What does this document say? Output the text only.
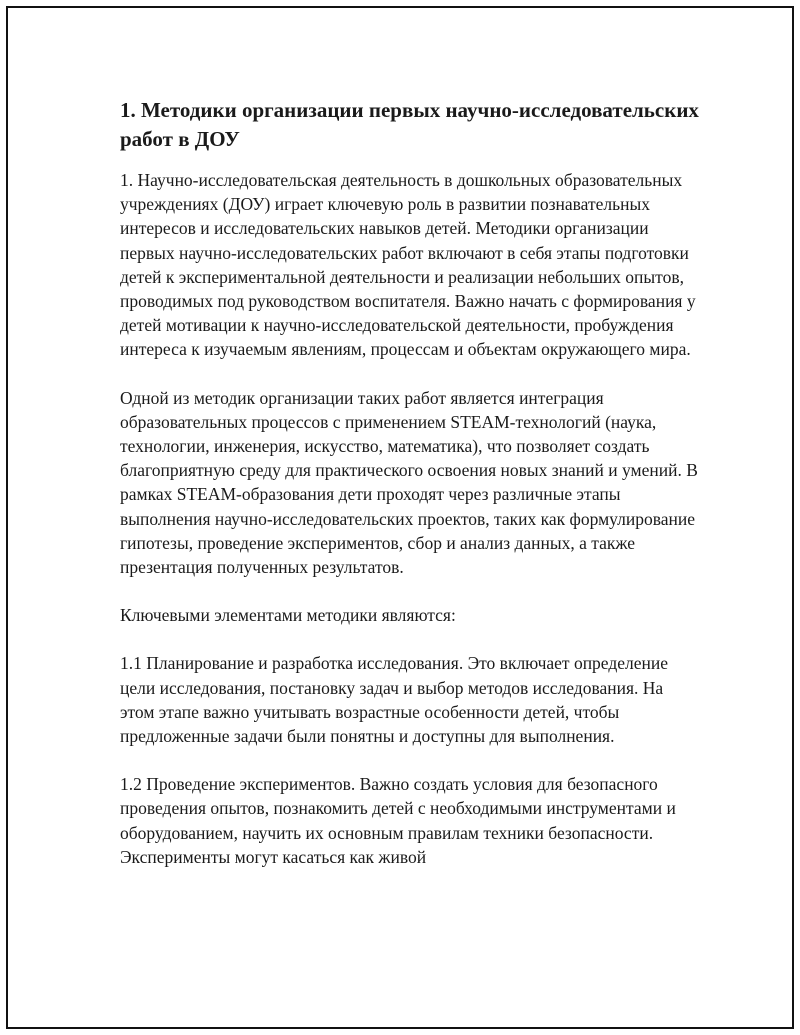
1. Методики организации первых научно-исследовательских работ в ДОУ

1. Научно-исследовательская деятельность в дошкольных образовательных учреждениях (ДОУ) играет ключевую роль в развитии познавательных интересов и исследовательских навыков детей. Методики организации первых научно-исследовательских работ включают в себя этапы подготовки детей к экспериментальной деятельности и реализации небольших опытов, проводимых под руководством воспитателя. Важно начать с формирования у детей мотивации к научно-исследовательской деятельности, пробуждения интереса к изучаемым явлениям, процессам и объектам окружающего мира.

Одной из методик организации таких работ является интеграция образовательных процессов с применением STEAM-технологий (наука, технологии, инженерия, искусство, математика), что позволяет создать благоприятную среду для практического освоения новых знаний и умений. В рамках STEAM-образования дети проходят через различные этапы выполнения научно-исследовательских проектов, таких как формулирование гипотезы, проведение экспериментов, сбор и анализ данных, а также презентация полученных результатов.

Ключевыми элементами методики являются:

1.1 Планирование и разработка исследования. Это включает определение цели исследования, постановку задач и выбор методов исследования. На этом этапе важно учитывать возрастные особенности детей, чтобы предложенные задачи были понятны и доступны для выполнения.

1.2 Проведение экспериментов. Важно создать условия для безопасного проведения опытов, познакомить детей с необходимыми инструментами и оборудованием, научить их основным правилам техники безопасности. Эксперименты могут касаться как живой
